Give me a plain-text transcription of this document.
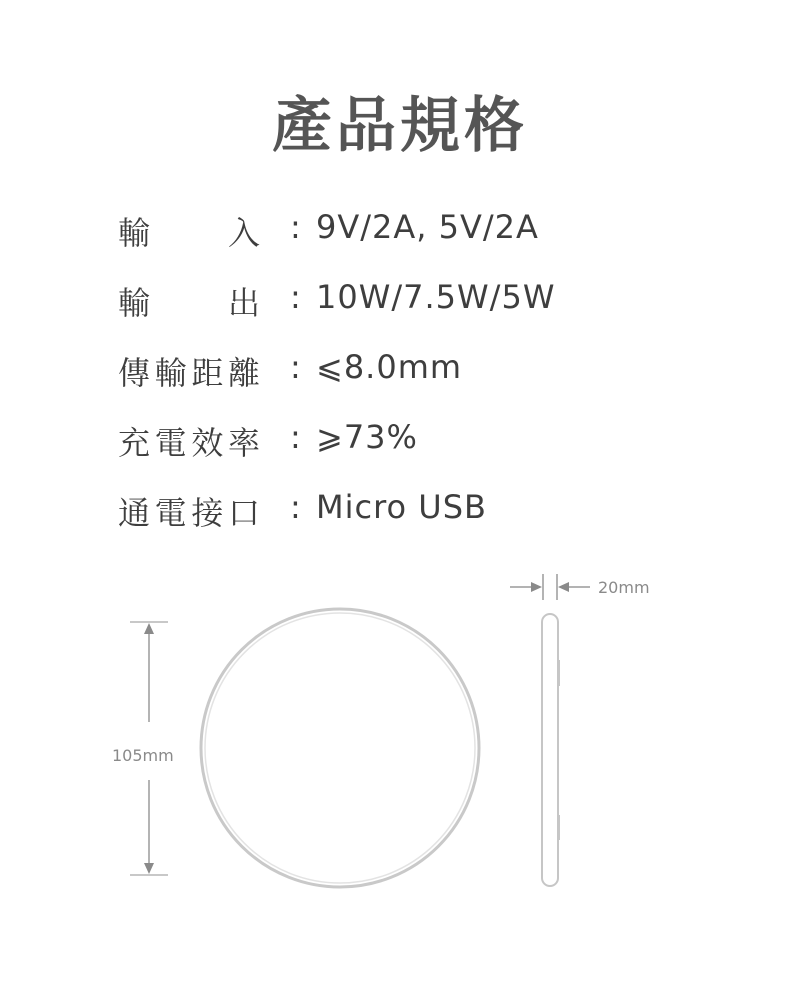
產品規格
輸 入 : 9V/2A, 5V/2A
輸 出 : 10W/7.5W/5W
傳 輸 距 離 : ⩽8.0mm
充 電 效 率 : ⩾73%
通 電 接 口 : Micro USB
105mm
20mm
